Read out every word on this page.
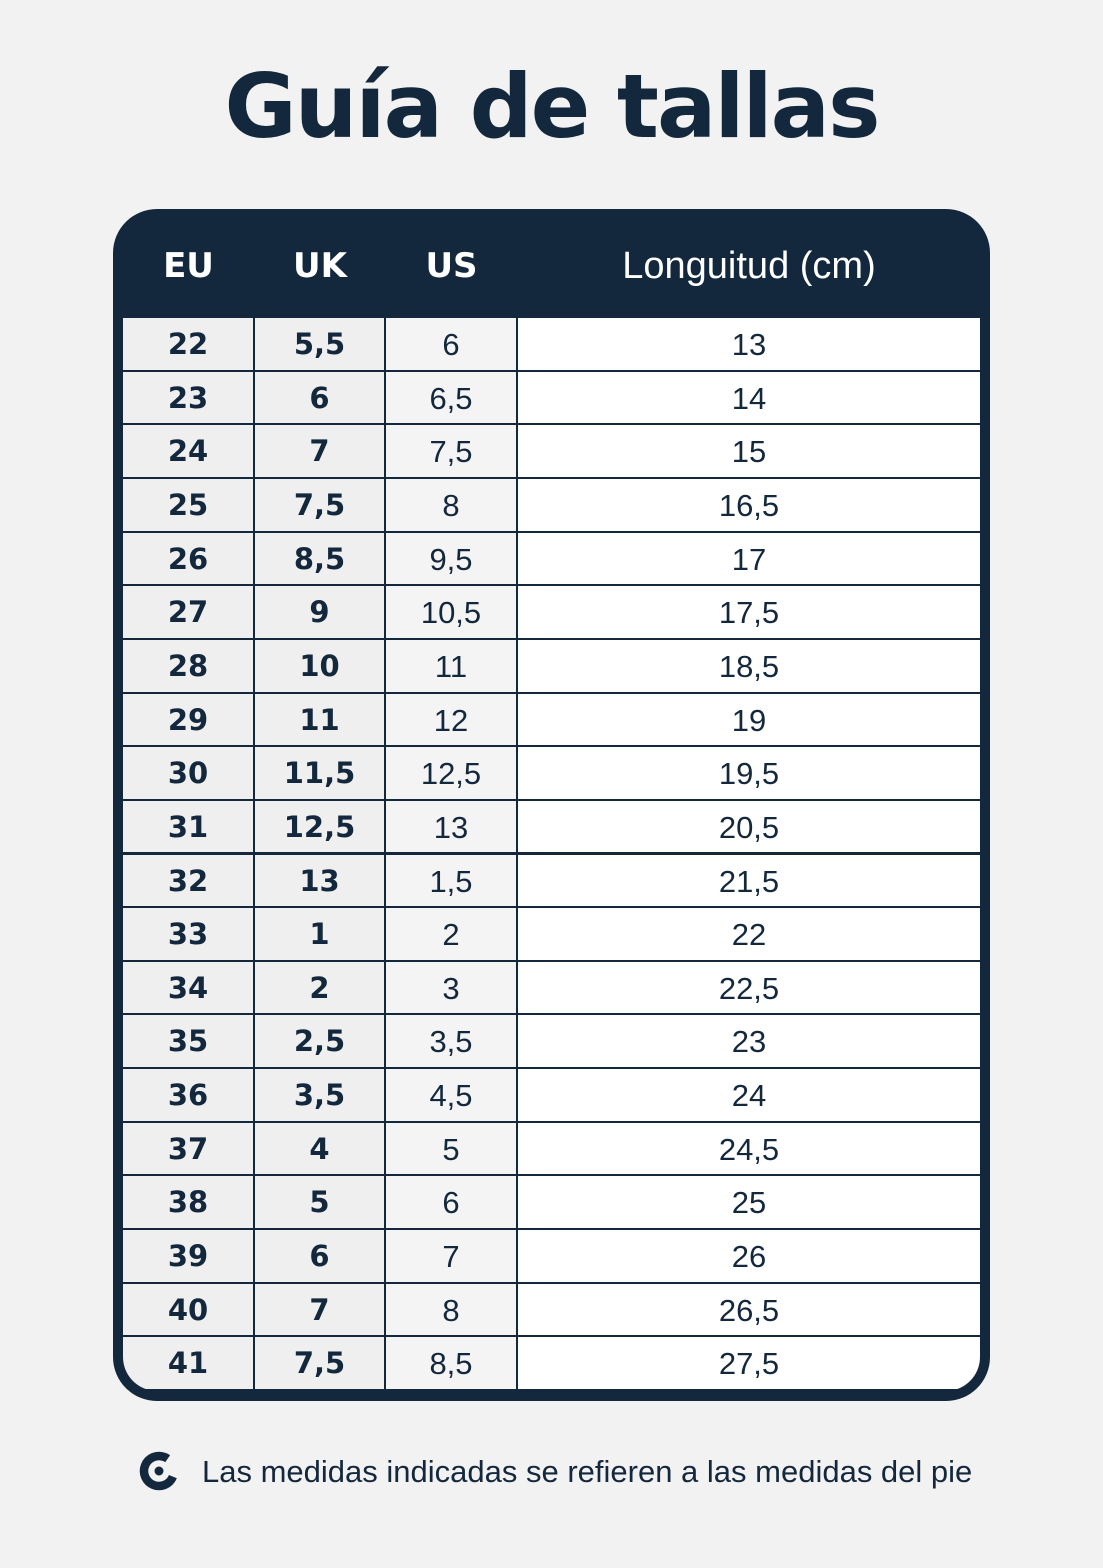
Guía de tallas
EU	UK	US	Longuitud (cm)
22	5,5	6	13
23	6	6,5	14
24	7	7,5	15
25	7,5	8	16,5
26	8,5	9,5	17
27	9	10,5	17,5
28	10	11	18,5
29	11	12	19
30	11,5	12,5	19,5
31	12,5	13	20,5
32	13	1,5	21,5
33	1	2	22
34	2	3	22,5
35	2,5	3,5	23
36	3,5	4,5	24
37	4	5	24,5
38	5	6	25
39	6	7	26
40	7	8	26,5
41	7,5	8,5	27,5
Las medidas indicadas se refieren a las medidas del pie
